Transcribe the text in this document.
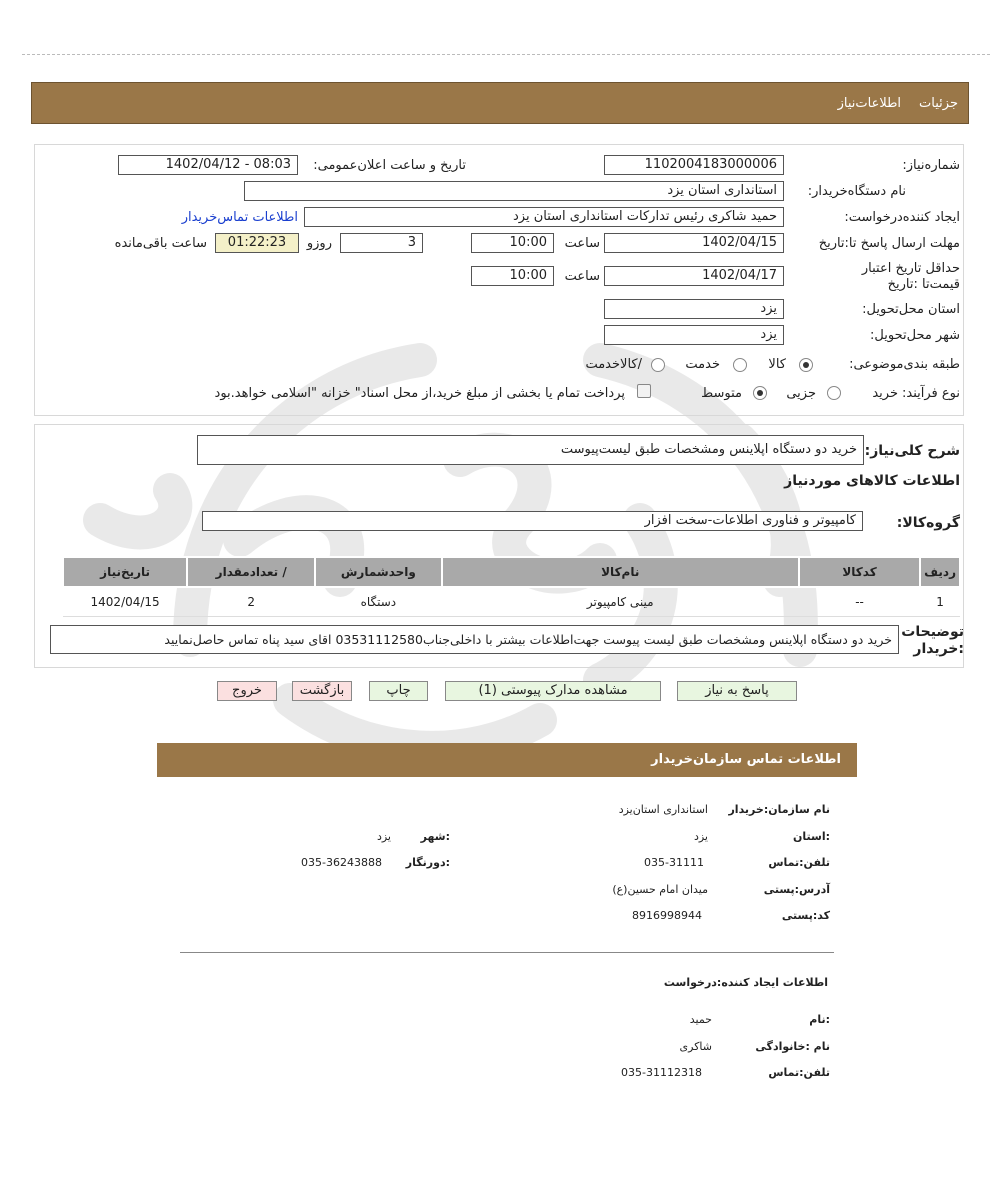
جزئیات
اطلاعات‌نیاز
شماره‌نیاز:
1102004183000006
تاریخ و ساعت اعلان‌عمومی:
1402/04/12 - 08:03
نام دستگاه‌خریدار:
استانداری استان یزد
ایجاد کننده‌درخواست:
حمید شاکری رئیس تدارکات استانداری استان یزد
اطلاعات تماس‌خریدار
مهلت ارسال پاسخ تا:تاریخ
1402/04/15
ساعت
10:00
3
روزو
01:22:23
ساعت باقی‌مانده
حداقل تاریخ اعتبار قیمت‌تا :تاریخ
1402/04/17
ساعت
10:00
استان محل‌تحویل:
یزد
شهر محل‌تحویل:
یزد
طبقه بندی‌موضوعی:
کالا
خدمت
/کالاخدمت
نوع فرآیند:
خرید
جزیی
متوسط
پرداخت تمام یا بخشی از مبلغ خرید،از محل اسناد" خزانه "اسلامی خواهد.بود
شرح کلی‌نیاز:
خرید دو دستگاه اپلاینس ومشخصات طبق لیست‌پیوست
اطلاعات کالاهای موردنیاز
گروه‌کالا:
کامپیوتر و فناوری اطلاعات-سخت افزار
ردیف	کدکالا	نام‌کالا	واحدشمارش	/ تعدادمقدار	تاریخ‌نیاز
1	--	مینی کامپیوتر	دستگاه	2	1402/04/15
توضیحات :خریدار
خرید دو دستگاه اپلاینس ومشخصات طبق لیست پیوست جهت‌اطلاعات بیشتر با داخلی‌جناب03531112580 اقای سید پناه تماس حاصل‌نمایید
پاسخ به نیاز
مشاهده مدارک پیوستی (1)
چاپ
بازگشت
خروج
اطلاعات تماس سازمان‌خریدار
نام سازمان:خریدار
استانداری استان‌یزد
:استان
یزد
:شهر
یزد
تلفن:تماس
035-31111
:دورنگار
035-36243888
آدرس:پستی
میدان امام حسین(ع)
کد:پستی
8916998944
اطلاعات ایجاد کننده:درخواست
:نام
حمید
نام :خانوادگی
شاکری
تلفن:تماس
035-31112318
